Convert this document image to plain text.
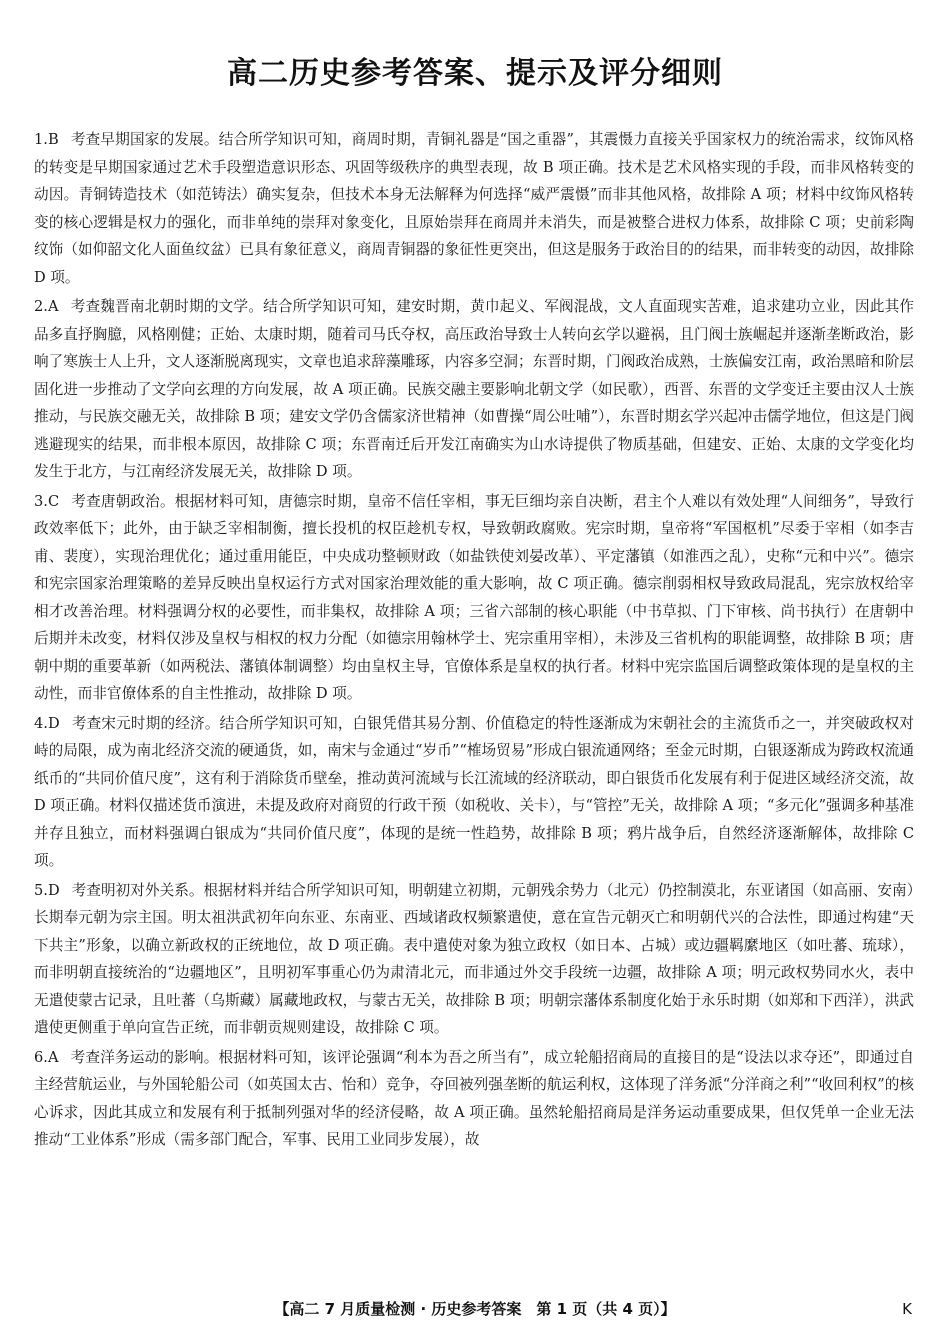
高二历史参考答案、提示及评分细则

1.B 考查早期国家的发展。结合所学知识可知，商周时期，青铜礼器是“国之重器”，其震慑力直接关乎国家权力的统治需求，纹饰风格的转变是早期国家通过艺术手段塑造意识形态、巩固等级秩序的典型表现，故 B 项正确。技术是艺术风格实现的手段，而非风格转变的动因。青铜铸造技术（如范铸法）确实复杂，但技术本身无法解释为何选择“威严震慑”而非其他风格，故排除 A 项；材料中纹饰风格转变的核心逻辑是权力的强化，而非单纯的崇拜对象变化，且原始崇拜在商周并未消失，而是被整合进权力体系，故排除 C 项；史前彩陶纹饰（如仰韶文化人面鱼纹盆）已具有象征意义，商周青铜器的象征性更突出，但这是服务于政治目的的结果，而非转变的动因，故排除 D 项。

2.A 考查魏晋南北朝时期的文学。结合所学知识可知，建安时期，黄巾起义、军阀混战，文人直面现实苦难，追求建功立业，因此其作品多直抒胸臆，风格刚健；正始、太康时期，随着司马氏夺权，高压政治导致士人转向玄学以避祸，且门阀士族崛起并逐渐垄断政治，影响了寒族士人上升，文人逐渐脱离现实，文章也追求辞藻雕琢，内容多空洞；东晋时期，门阀政治成熟，士族偏安江南，政治黑暗和阶层固化进一步推动了文学向玄理的方向发展，故 A 项正确。民族交融主要影响北朝文学（如民歌），西晋、东晋的文学变迁主要由汉人士族推动，与民族交融无关，故排除 B 项；建安文学仍含儒家济世精神（如曹操“周公吐哺”），东晋时期玄学兴起冲击儒学地位，但这是门阀逃避现实的结果，而非根本原因，故排除 C 项；东晋南迁后开发江南确实为山水诗提供了物质基础，但建安、正始、太康的文学变化均发生于北方，与江南经济发展无关，故排除 D 项。

3.C 考查唐朝政治。根据材料可知，唐德宗时期，皇帝不信任宰相，事无巨细均亲自决断，君主个人难以有效处理“人间细务”，导致行政效率低下；此外，由于缺乏宰相制衡，擅长投机的权臣趁机专权，导致朝政腐败。宪宗时期，皇帝将“军国枢机”尽委于宰相（如李吉甫、裴度），实现治理优化；通过重用能臣，中央成功整顿财政（如盐铁使刘晏改革）、平定藩镇（如淮西之乱），史称“元和中兴”。德宗和宪宗国家治理策略的差异反映出皇权运行方式对国家治理效能的重大影响，故 C 项正确。德宗削弱相权导致政局混乱，宪宗放权给宰相才改善治理。材料强调分权的必要性，而非集权，故排除 A 项；三省六部制的核心职能（中书草拟、门下审核、尚书执行）在唐朝中后期并未改变，材料仅涉及皇权与相权的权力分配（如德宗用翰林学士、宪宗重用宰相），未涉及三省机构的职能调整，故排除 B 项；唐朝中期的重要革新（如两税法、藩镇体制调整）均由皇权主导，官僚体系是皇权的执行者。材料中宪宗监国后调整政策体现的是皇权的主动性，而非官僚体系的自主性推动，故排除 D 项。

4.D 考查宋元时期的经济。结合所学知识可知，白银凭借其易分割、价值稳定的特性逐渐成为宋朝社会的主流货币之一，并突破政权对峙的局限，成为南北经济交流的硬通货，如，南宋与金通过“岁币”“榷场贸易”形成白银流通网络；至金元时期，白银逐渐成为跨政权流通纸币的“共同价值尺度”，这有利于消除货币壁垒，推动黄河流域与长江流域的经济联动，即白银货币化发展有利于促进区域经济交流，故 D 项正确。材料仅描述货币演进，未提及政府对商贸的行政干预（如税收、关卡），与“管控”无关，故排除 A 项；“多元化”强调多种基准并存且独立，而材料强调白银成为“共同价值尺度”，体现的是统一性趋势，故排除 B 项；鸦片战争后，自然经济逐渐解体，故排除 C 项。

5.D 考查明初对外关系。根据材料并结合所学知识可知，明朝建立初期，元朝残余势力（北元）仍控制漠北，东亚诸国（如高丽、安南）长期奉元朝为宗主国。明太祖洪武初年向东亚、东南亚、西域诸政权频繁遣使，意在宣告元朝灭亡和明朝代兴的合法性，即通过构建“天下共主”形象，以确立新政权的正统地位，故 D 项正确。表中遣使对象为独立政权（如日本、占城）或边疆羁縻地区（如吐蕃、琉球），而非明朝直接统治的“边疆地区”，且明初军事重心仍为肃清北元，而非通过外交手段统一边疆，故排除 A 项；明元政权势同水火，表中无遣使蒙古记录，且吐蕃（乌斯藏）属藏地政权，与蒙古无关，故排除 B 项；明朝宗藩体系制度化始于永乐时期（如郑和下西洋），洪武遣使更侧重于单向宣告正统，而非朝贡规则建设，故排除 C 项。

6.A 考查洋务运动的影响。根据材料可知，该评论强调“利本为吾之所当有”，成立轮船招商局的直接目的是“设法以求夺还”，即通过自主经营航运业，与外国轮船公司（如英国太古、怡和）竞争，夺回被列强垄断的航运利权，这体现了洋务派“分洋商之利”“收回利权”的核心诉求，因此其成立和发展有利于抵制列强对华的经济侵略，故 A 项正确。虽然轮船招商局是洋务运动重要成果，但仅凭单一企业无法推动“工业体系”形成（需多部门配合，军事、民用工业同步发展），故

【高二 7 月质量检测 · 历史参考答案　第 1 页（共 4 页）】	K
